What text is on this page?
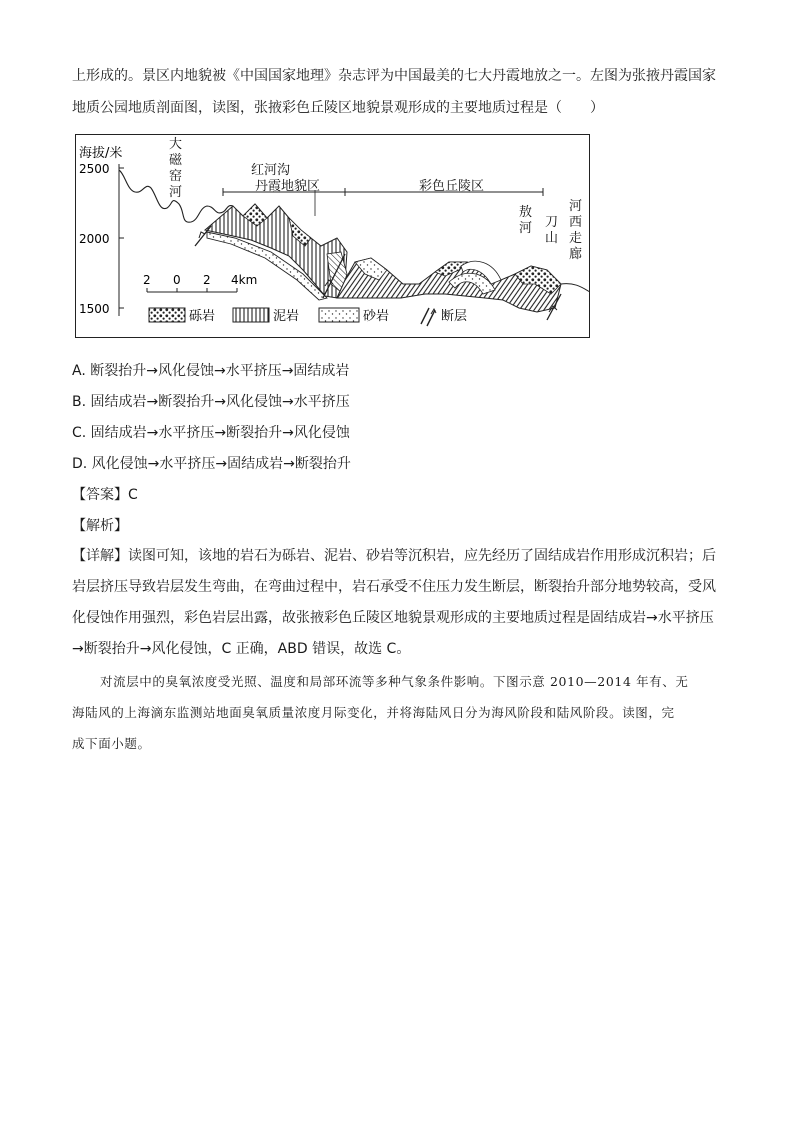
上形成的。景区内地貌被《中国国家地理》杂志评为中国最美的七大丹霞地放之一。左图为张掖丹霞国家
地质公园地质剖面图，读图，张掖彩色丘陵区地貌景观形成的主要地质过程是（　　）
海拔/米
2500
2000
1500
大
磁
窑
河
红河沟
丹霞地貌区	彩色丘陵区
敖
河 刀
山
河
西
走
廊
2 0 2 4km
砾岩	泥岩	砂岩	断层
A. 断裂抬升→风化侵蚀→水平挤压→固结成岩
B. 固结成岩→断裂抬升→风化侵蚀→水平挤压
C. 固结成岩→水平挤压→断裂抬升→风化侵蚀
D. 风化侵蚀→水平挤压→固结成岩→断裂抬升
【答案】C
【解析】
【详解】读图可知，该地的岩石为砾岩、泥岩、砂岩等沉积岩，应先经历了固结成岩作用形成沉积岩；后
岩层挤压导致岩层发生弯曲，在弯曲过程中，岩石承受不住压力发生断层，断裂抬升部分地势较高，受风
化侵蚀作用强烈，彩色岩层出露，故张掖彩色丘陵区地貌景观形成的主要地质过程是固结成岩→水平挤压
→断裂抬升→风化侵蚀，C 正确，ABD 错误，故选 C。
对流层中的臭氧浓度受光照、温度和局部环流等多种气象条件影响。下图示意 2010—2014 年有、无
海陆风的上海滴东监测站地面臭氧质量浓度月际变化，并将海陆风日分为海风阶段和陆风阶段。读图，完
成下面小题。
